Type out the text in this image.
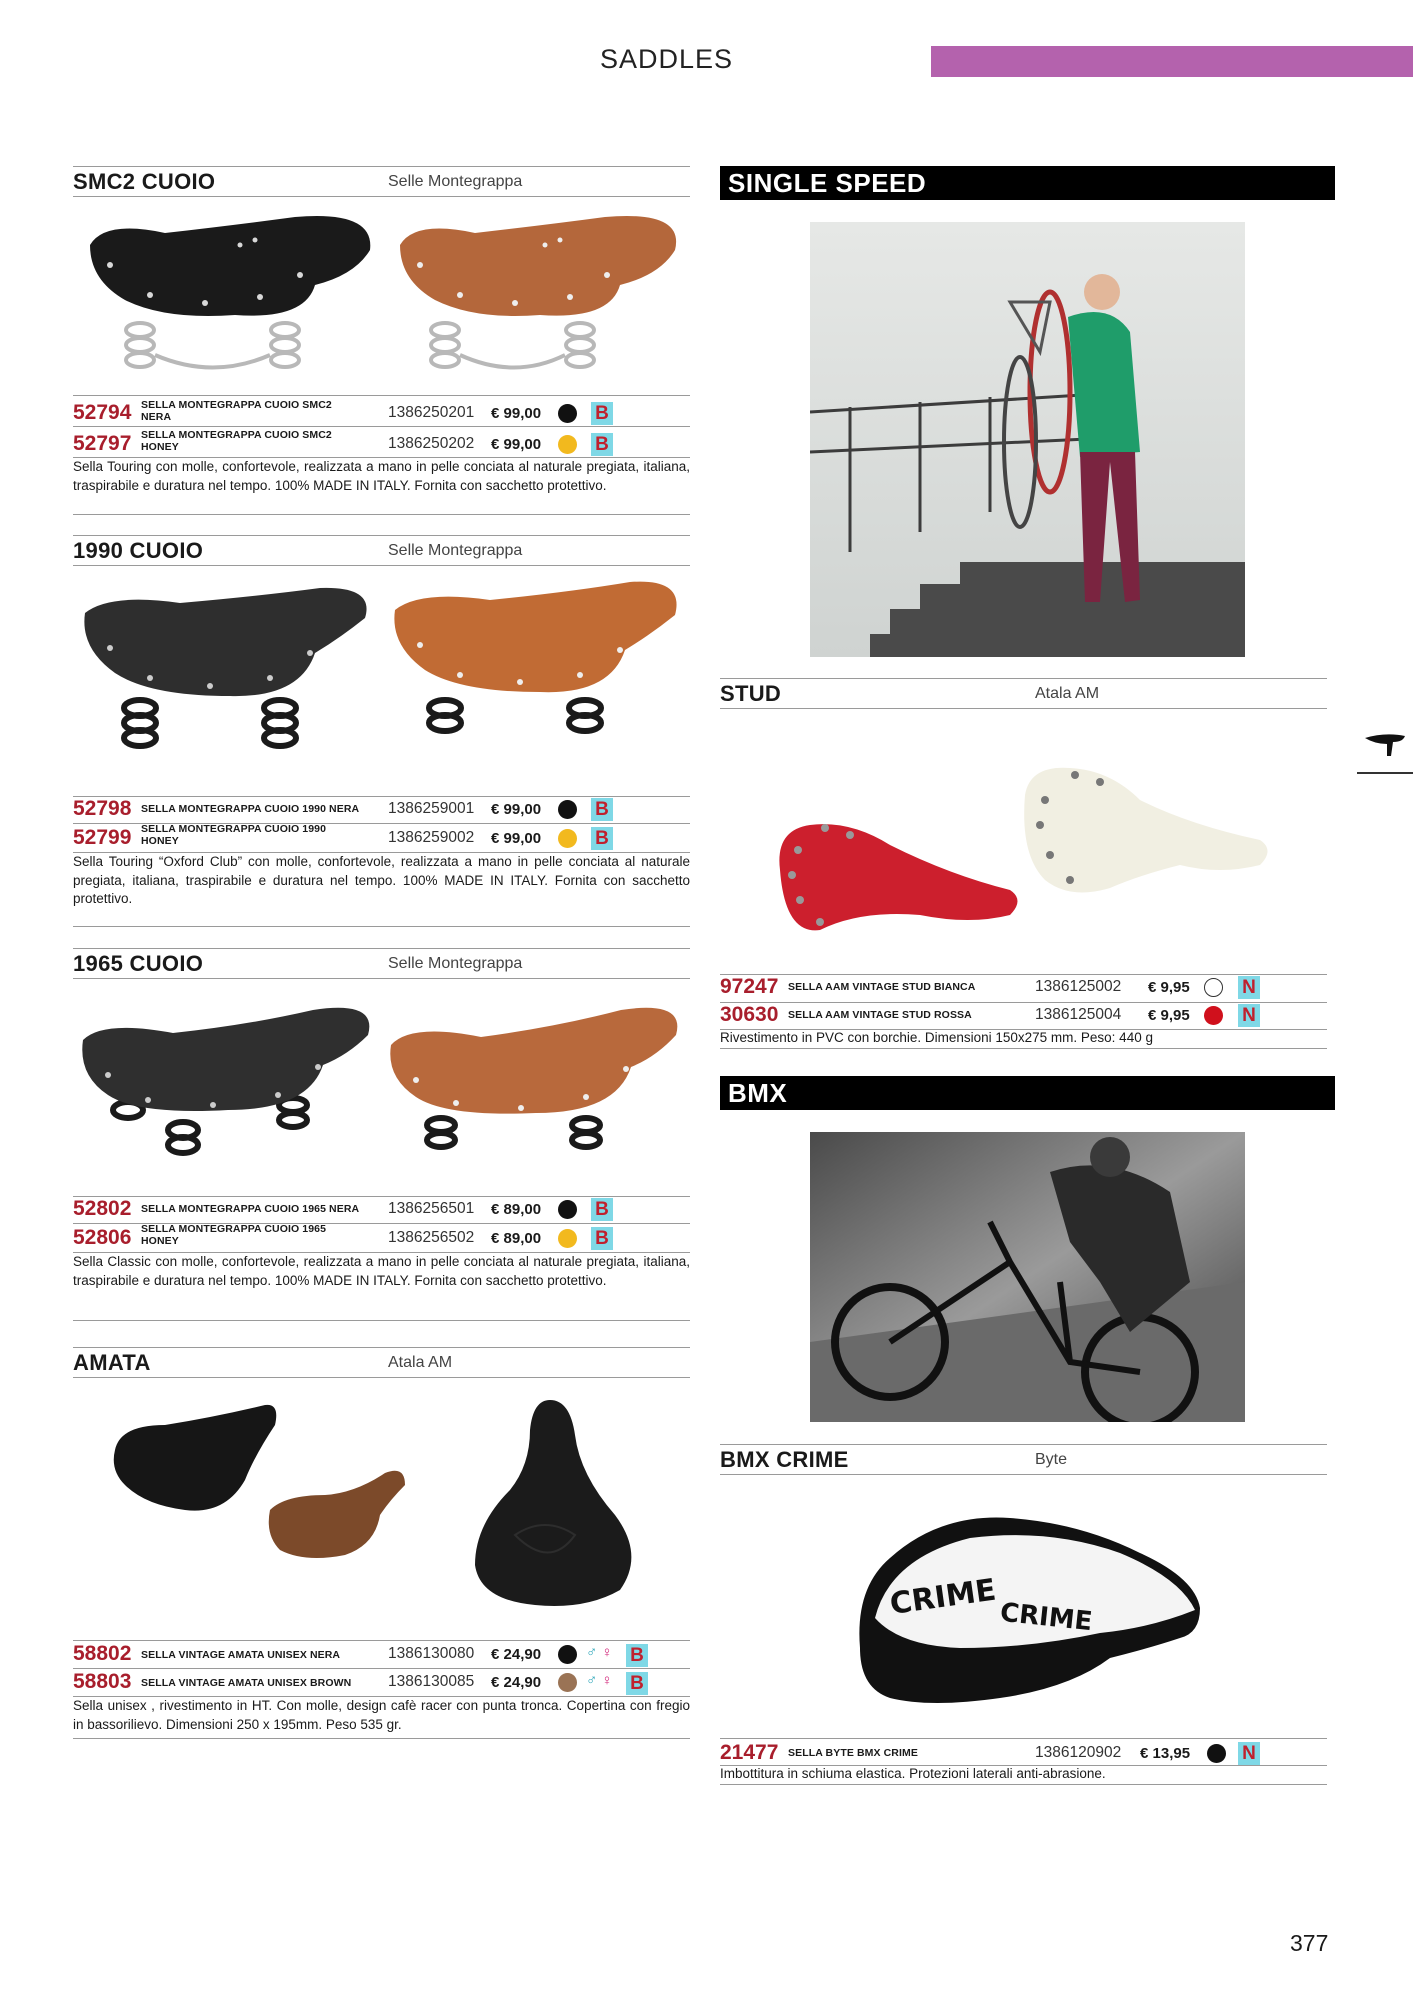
SADDLES
SMC2 CUOIO	Selle Montegrappa
52794 SELLA MONTEGRAPPA CUOIO SMC2 NERA	1386250201 € 99,00	B
52797 SELLA MONTEGRAPPA CUOIO SMC2 HONEY	1386250202 € 99,00	B
Sella Touring con molle, confortevole, realizzata a mano in pelle conciata al naturale pregiata, italiana, traspirabile e duratura nel tempo. 100% MADE IN ITALY. Fornita con sacchetto protettivo.
1990 CUOIO	Selle Montegrappa
52798 SELLA MONTEGRAPPA CUOIO 1990 NERA	1386259001 € 99,00	B
52799 SELLA MONTEGRAPPA CUOIO 1990 HONEY	1386259002 € 99,00	B
Sella Touring “Oxford Club” con molle, confortevole, realizzata a mano in pelle conciata al naturale pregiata, italiana, traspirabile e duratura nel tempo. 100% MADE IN ITALY. Fornita con sacchetto protettivo.
1965 CUOIO	Selle Montegrappa
52802 SELLA MONTEGRAPPA CUOIO 1965 NERA	1386256501 € 89,00	B
52806 SELLA MONTEGRAPPA CUOIO 1965 HONEY	1386256502 € 89,00	B
Sella Classic con molle, confortevole, realizzata a mano in pelle conciata al naturale pregiata, italiana, traspirabile e duratura nel tempo. 100% MADE IN ITALY. Fornita con sacchetto protettivo.
AMATA	Atala AM
58802 SELLA VINTAGE AMATA UNISEX NERA	1386130080 € 24,90	♂ ♀ B
58803 SELLA VINTAGE AMATA UNISEX BROWN	1386130085 € 24,90	♂ ♀ B
Sella unisex , rivestimento in HT. Con molle, design cafè racer con punta tronca. Copertina con fregio in bassorilievo. Dimensioni 250 x 195mm. Peso 535 gr.
SINGLE SPEED
STUD	Atala AM
97247 SELLA AAM VINTAGE STUD BIANCA	1386125002 € 9,95	N
30630 SELLA AAM VINTAGE STUD ROSSA	1386125004 € 9,95	N
Rivestimento in PVC con borchie. Dimensioni 150x275 mm. Peso: 440 g
BMX
BMX CRIME	Byte
CRIME CRIME
21477 SELLA BYTE BMX CRIME	1386120902 € 13,95	N
Imbottitura in schiuma elastica. Protezioni laterali anti-abrasione.
377
